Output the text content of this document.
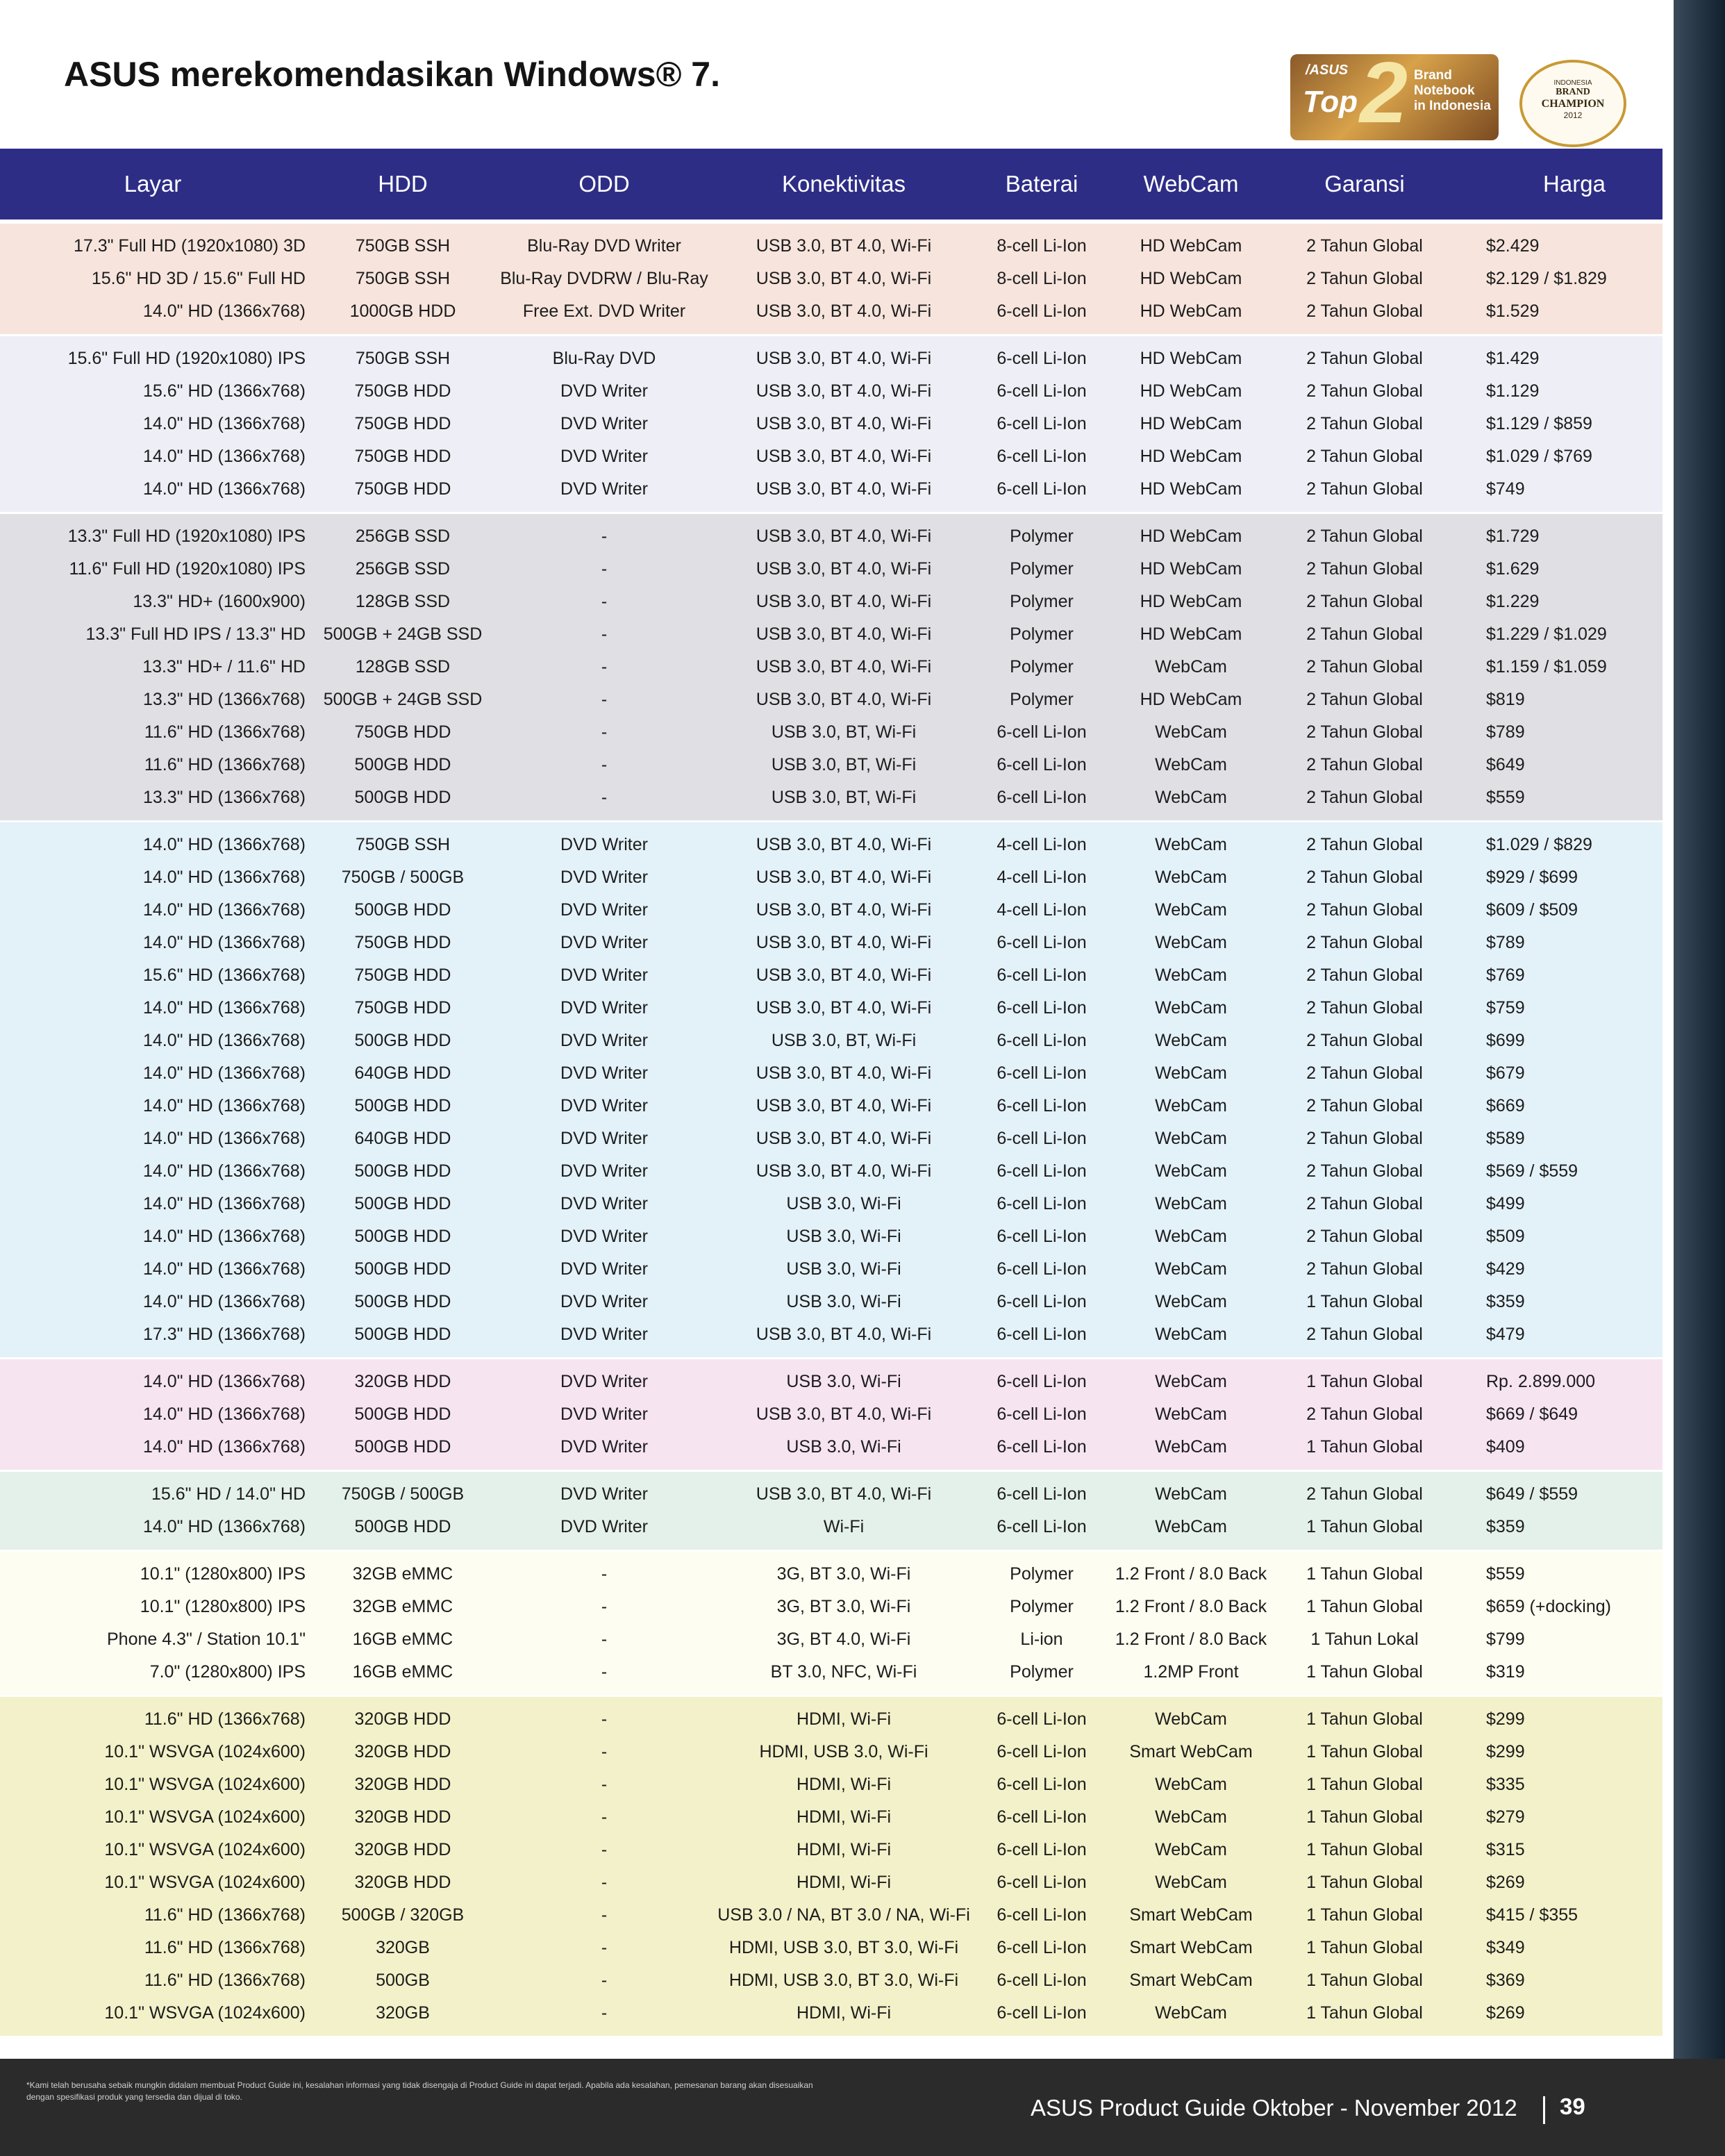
ASUS merekomendasikan Windows® 7.	/ASUS
Top 2 Brand
Notebook
in Indonesia
INDONESIA
BRAND
CHAMPION
2012
Layar	HDD	ODD	Konektivitas	Baterai	WebCam	Garansi	Harga
17.3" Full HD (1920x1080) 3D	750GB SSH	Blu-Ray DVD Writer	USB 3.0, BT 4.0, Wi-Fi	8-cell Li-Ion	HD WebCam	2 Tahun Global	$2.429
15.6" HD 3D / 15.6" Full HD	750GB SSH	Blu-Ray DVDRW / Blu-Ray	USB 3.0, BT 4.0, Wi-Fi	8-cell Li-Ion	HD WebCam	2 Tahun Global	$2.129 / $1.829
14.0" HD (1366x768)	1000GB HDD	Free Ext. DVD Writer	USB 3.0, BT 4.0, Wi-Fi	6-cell Li-Ion	HD WebCam	2 Tahun Global	$1.529
15.6" Full HD (1920x1080) IPS	750GB SSH	Blu-Ray DVD	USB 3.0, BT 4.0, Wi-Fi	6-cell Li-Ion	HD WebCam	2 Tahun Global	$1.429
15.6" HD (1366x768)	750GB HDD	DVD Writer	USB 3.0, BT 4.0, Wi-Fi	6-cell Li-Ion	HD WebCam	2 Tahun Global	$1.129
14.0" HD (1366x768)	750GB HDD	DVD Writer	USB 3.0, BT 4.0, Wi-Fi	6-cell Li-Ion	HD WebCam	2 Tahun Global	$1.129 / $859
14.0" HD (1366x768)	750GB HDD	DVD Writer	USB 3.0, BT 4.0, Wi-Fi	6-cell Li-Ion	HD WebCam	2 Tahun Global	$1.029 / $769
14.0" HD (1366x768)	750GB HDD	DVD Writer	USB 3.0, BT 4.0, Wi-Fi	6-cell Li-Ion	HD WebCam	2 Tahun Global	$749
13.3" Full HD (1920x1080) IPS	256GB SSD	-	USB 3.0, BT 4.0, Wi-Fi	Polymer	HD WebCam	2 Tahun Global	$1.729
11.6" Full HD (1920x1080) IPS	256GB SSD	-	USB 3.0, BT 4.0, Wi-Fi	Polymer	HD WebCam	2 Tahun Global	$1.629
13.3" HD+ (1600x900)	128GB SSD	-	USB 3.0, BT 4.0, Wi-Fi	Polymer	HD WebCam	2 Tahun Global	$1.229
13.3" Full HD IPS / 13.3" HD	500GB + 24GB SSD	-	USB 3.0, BT 4.0, Wi-Fi	Polymer	HD WebCam	2 Tahun Global	$1.229 / $1.029
13.3" HD+ / 11.6" HD	128GB SSD	-	USB 3.0, BT 4.0, Wi-Fi	Polymer	WebCam	2 Tahun Global	$1.159 / $1.059
13.3" HD (1366x768)	500GB + 24GB SSD	-	USB 3.0, BT 4.0, Wi-Fi	Polymer	HD WebCam	2 Tahun Global	$819
11.6" HD (1366x768)	750GB HDD	-	USB 3.0, BT, Wi-Fi	6-cell Li-Ion	WebCam	2 Tahun Global	$789
11.6" HD (1366x768)	500GB HDD	-	USB 3.0, BT, Wi-Fi	6-cell Li-Ion	WebCam	2 Tahun Global	$649
13.3" HD (1366x768)	500GB HDD	-	USB 3.0, BT, Wi-Fi	6-cell Li-Ion	WebCam	2 Tahun Global	$559
14.0" HD (1366x768)	750GB SSH	DVD Writer	USB 3.0, BT 4.0, Wi-Fi	4-cell Li-Ion	WebCam	2 Tahun Global	$1.029 / $829
14.0" HD (1366x768)	750GB / 500GB	DVD Writer	USB 3.0, BT 4.0, Wi-Fi	4-cell Li-Ion	WebCam	2 Tahun Global	$929 / $699
14.0" HD (1366x768)	500GB HDD	DVD Writer	USB 3.0, BT 4.0, Wi-Fi	4-cell Li-Ion	WebCam	2 Tahun Global	$609 / $509
14.0" HD (1366x768)	750GB HDD	DVD Writer	USB 3.0, BT 4.0, Wi-Fi	6-cell Li-Ion	WebCam	2 Tahun Global	$789
15.6" HD (1366x768)	750GB HDD	DVD Writer	USB 3.0, BT 4.0, Wi-Fi	6-cell Li-Ion	WebCam	2 Tahun Global	$769
14.0" HD (1366x768)	750GB HDD	DVD Writer	USB 3.0, BT 4.0, Wi-Fi	6-cell Li-Ion	WebCam	2 Tahun Global	$759
14.0" HD (1366x768)	500GB HDD	DVD Writer	USB 3.0, BT, Wi-Fi	6-cell Li-Ion	WebCam	2 Tahun Global	$699
14.0" HD (1366x768)	640GB HDD	DVD Writer	USB 3.0, BT 4.0, Wi-Fi	6-cell Li-Ion	WebCam	2 Tahun Global	$679
14.0" HD (1366x768)	500GB HDD	DVD Writer	USB 3.0, BT 4.0, Wi-Fi	6-cell Li-Ion	WebCam	2 Tahun Global	$669
14.0" HD (1366x768)	640GB HDD	DVD Writer	USB 3.0, BT 4.0, Wi-Fi	6-cell Li-Ion	WebCam	2 Tahun Global	$589
14.0" HD (1366x768)	500GB HDD	DVD Writer	USB 3.0, BT 4.0, Wi-Fi	6-cell Li-Ion	WebCam	2 Tahun Global	$569 / $559
14.0" HD (1366x768)	500GB HDD	DVD Writer	USB 3.0, Wi-Fi	6-cell Li-Ion	WebCam	2 Tahun Global	$499
14.0" HD (1366x768)	500GB HDD	DVD Writer	USB 3.0, Wi-Fi	6-cell Li-Ion	WebCam	2 Tahun Global	$509
14.0" HD (1366x768)	500GB HDD	DVD Writer	USB 3.0, Wi-Fi	6-cell Li-Ion	WebCam	2 Tahun Global	$429
14.0" HD (1366x768)	500GB HDD	DVD Writer	USB 3.0, Wi-Fi	6-cell Li-Ion	WebCam	1 Tahun Global	$359
17.3" HD (1366x768)	500GB HDD	DVD Writer	USB 3.0, BT 4.0, Wi-Fi	6-cell Li-Ion	WebCam	2 Tahun Global	$479
14.0" HD (1366x768)	320GB HDD	DVD Writer	USB 3.0, Wi-Fi	6-cell Li-Ion	WebCam	1 Tahun Global	Rp. 2.899.000
14.0" HD (1366x768)	500GB HDD	DVD Writer	USB 3.0, BT 4.0, Wi-Fi	6-cell Li-Ion	WebCam	2 Tahun Global	$669 / $649
14.0" HD (1366x768)	500GB HDD	DVD Writer	USB 3.0, Wi-Fi	6-cell Li-Ion	WebCam	1 Tahun Global	$409
15.6" HD / 14.0" HD	750GB / 500GB	DVD Writer	USB 3.0, BT 4.0, Wi-Fi	6-cell Li-Ion	WebCam	2 Tahun Global	$649 / $559
14.0" HD (1366x768)	500GB HDD	DVD Writer	Wi-Fi	6-cell Li-Ion	WebCam	1 Tahun Global	$359
10.1" (1280x800) IPS	32GB eMMC	-	3G, BT 3.0, Wi-Fi	Polymer	1.2 Front / 8.0 Back	1 Tahun Global	$559
10.1" (1280x800) IPS	32GB eMMC	-	3G, BT 3.0, Wi-Fi	Polymer	1.2 Front / 8.0 Back	1 Tahun Global	$659 (+docking)
Phone 4.3" / Station 10.1"	16GB eMMC	-	3G, BT 4.0, Wi-Fi	Li-ion	1.2 Front / 8.0 Back	1 Tahun Lokal	$799
7.0" (1280x800) IPS	16GB eMMC	-	BT 3.0, NFC, Wi-Fi	Polymer	1.2MP Front	1 Tahun Global	$319
11.6" HD (1366x768)	320GB HDD	-	HDMI, Wi-Fi	6-cell Li-Ion	WebCam	1 Tahun Global	$299
10.1" WSVGA (1024x600)	320GB HDD	-	HDMI, USB 3.0, Wi-Fi	6-cell Li-Ion	Smart WebCam	1 Tahun Global	$299
10.1" WSVGA (1024x600)	320GB HDD	-	HDMI, Wi-Fi	6-cell Li-Ion	WebCam	1 Tahun Global	$335
10.1" WSVGA (1024x600)	320GB HDD	-	HDMI, Wi-Fi	6-cell Li-Ion	WebCam	1 Tahun Global	$279
10.1" WSVGA (1024x600)	320GB HDD	-	HDMI, Wi-Fi	6-cell Li-Ion	WebCam	1 Tahun Global	$315
10.1" WSVGA (1024x600)	320GB HDD	-	HDMI, Wi-Fi	6-cell Li-Ion	WebCam	1 Tahun Global	$269
11.6" HD (1366x768)	500GB / 320GB	-	USB 3.0 / NA, BT 3.0 / NA, Wi-Fi	6-cell Li-Ion	Smart WebCam	1 Tahun Global	$415 / $355
11.6" HD (1366x768)	320GB	-	HDMI, USB 3.0, BT 3.0, Wi-Fi	6-cell Li-Ion	Smart WebCam	1 Tahun Global	$349
11.6" HD (1366x768)	500GB	-	HDMI, USB 3.0, BT 3.0, Wi-Fi	6-cell Li-Ion	Smart WebCam	1 Tahun Global	$369
10.1" WSVGA (1024x600)	320GB	-	HDMI, Wi-Fi	6-cell Li-Ion	WebCam	1 Tahun Global	$269
*Kami telah berusaha sebaik mungkin didalam membuat Product Guide ini, kesalahan informasi yang tidak disengaja di Product Guide ini dapat terjadi. Apabila ada kesalahan, pemesanan barang akan disesuaikan dengan spesifikasi produk yang tersedia dan dijual di toko.	ASUS Product Guide Oktober - November 2012 39
